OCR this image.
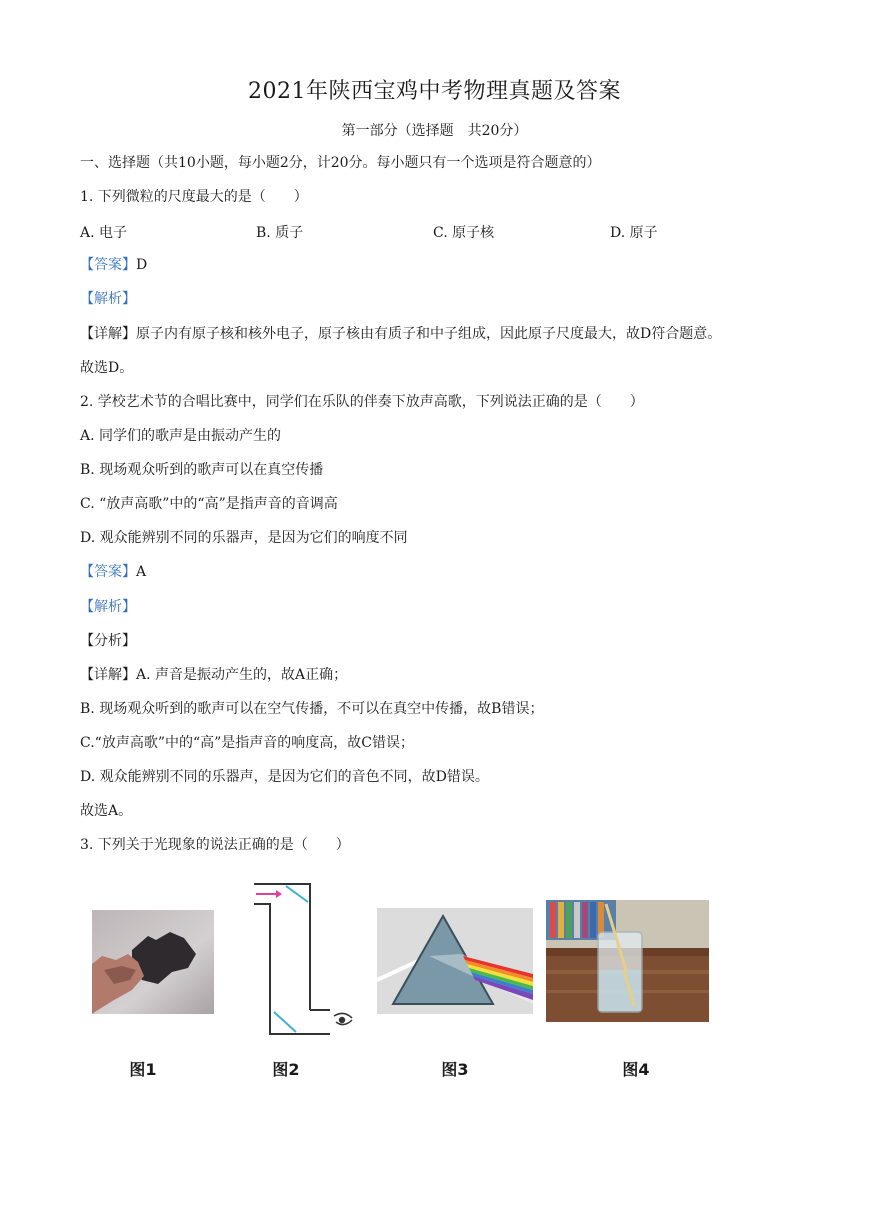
2021年陕西宝鸡中考物理真题及答案
第一部分（选择题　共20分）
一、选择题（共10小题，每小题2分，计20分。每小题只有一个选项是符合题意的）
1. 下列微粒的尺度最大的是（　　）
A. 电子	B. 质子	C. 原子核	D. 原子
【答案】D
【解析】
【详解】原子内有原子核和核外电子，原子核由有质子和中子组成，因此原子尺度最大，故D符合题意。
故选D。
2. 学校艺术节的合唱比赛中，同学们在乐队的伴奏下放声高歌，下列说法正确的是（　　）
A. 同学们的歌声是由振动产生的
B. 现场观众听到的歌声可以在真空传播
C. “放声高歌”中的“高”是指声音的音调高
D. 观众能辨别不同的乐器声，是因为它们的响度不同
【答案】A
【解析】
【分析】
【详解】A. 声音是振动产生的，故A正确；
B. 现场观众听到的歌声可以在空气传播，不可以在真空中传播，故B错误；
C.“放声高歌”中的“高”是指声音的响度高，故C错误；
D. 观众能辨别不同的乐器声，是因为它们的音色不同，故D错误。
故选A。
3. 下列关于光现象的说法正确的是（　　）
图1	图2	图3	图4
